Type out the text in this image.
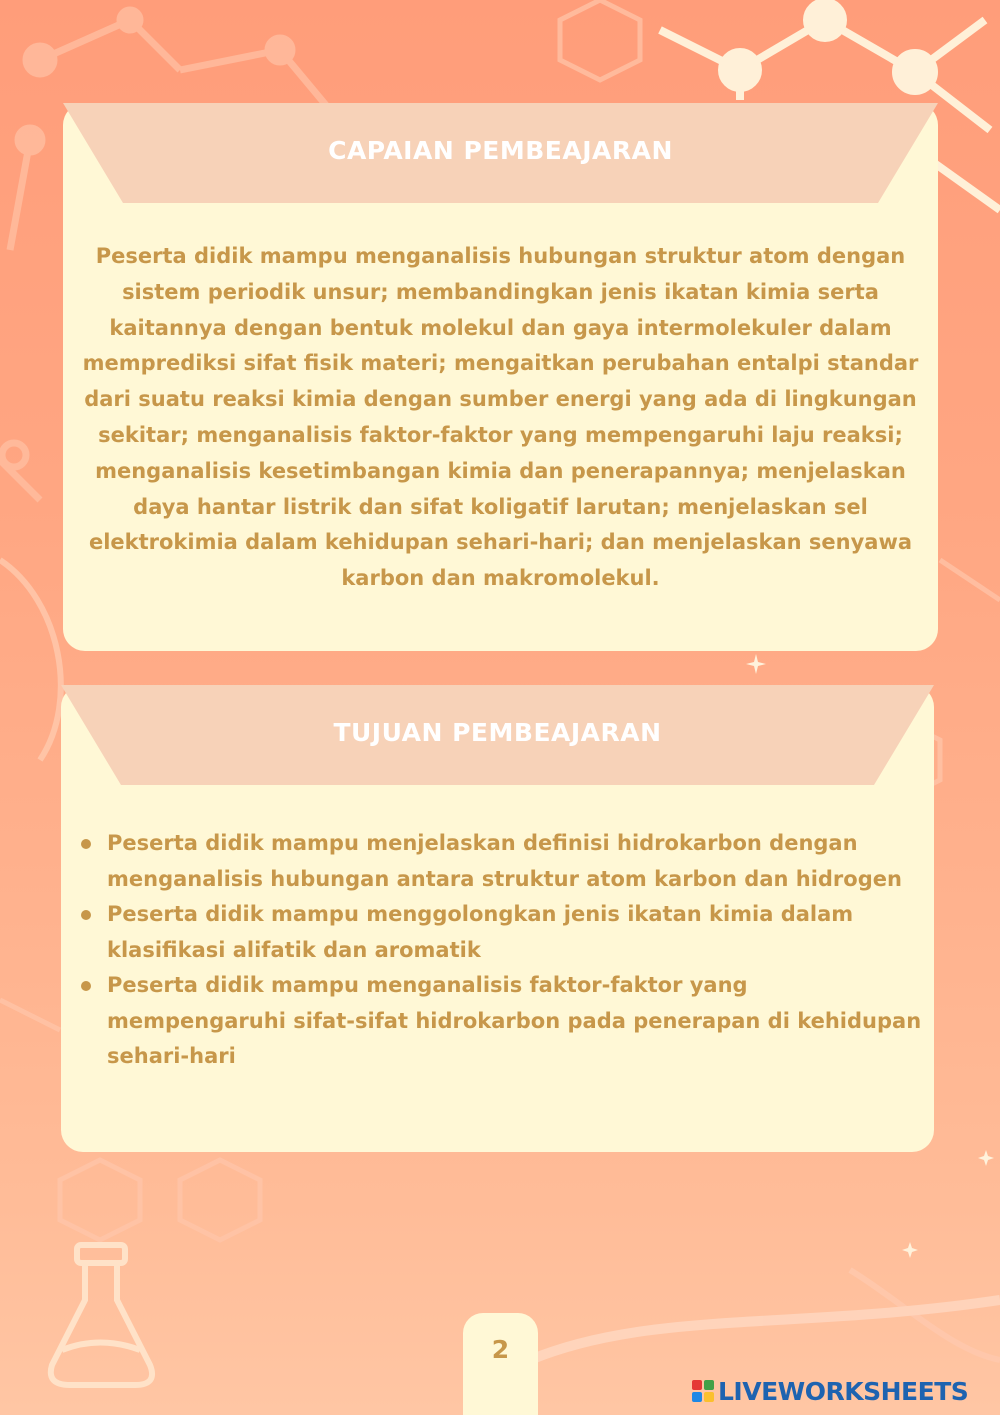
CAPAIAN PEMBEAJARAN
Peserta didik mampu menganalisis hubungan struktur atom dengan
sistem periodik unsur; membandingkan jenis ikatan kimia serta
kaitannya dengan bentuk molekul dan gaya intermolekuler dalam
memprediksi sifat fisik materi; mengaitkan perubahan entalpi standar
dari suatu reaksi kimia dengan sumber energi yang ada di lingkungan
sekitar; menganalisis faktor-faktor yang mempengaruhi laju reaksi;
menganalisis kesetimbangan kimia dan penerapannya; menjelaskan
daya hantar listrik dan sifat koligatif larutan; menjelaskan sel
elektrokimia dalam kehidupan sehari-hari; dan menjelaskan senyawa
karbon dan makromolekul.
TUJUAN PEMBEAJARAN
Peserta didik mampu menjelaskan definisi hidrokarbon dengan
menganalisis hubungan antara struktur atom karbon dan hidrogen
Peserta didik mampu menggolongkan jenis ikatan kimia dalam
klasifikasi alifatik dan aromatik
Peserta didik mampu menganalisis faktor-faktor yang
mempengaruhi sifat-sifat hidrokarbon pada penerapan di kehidupan
sehari-hari
2
LIVEWORKSHEETS
